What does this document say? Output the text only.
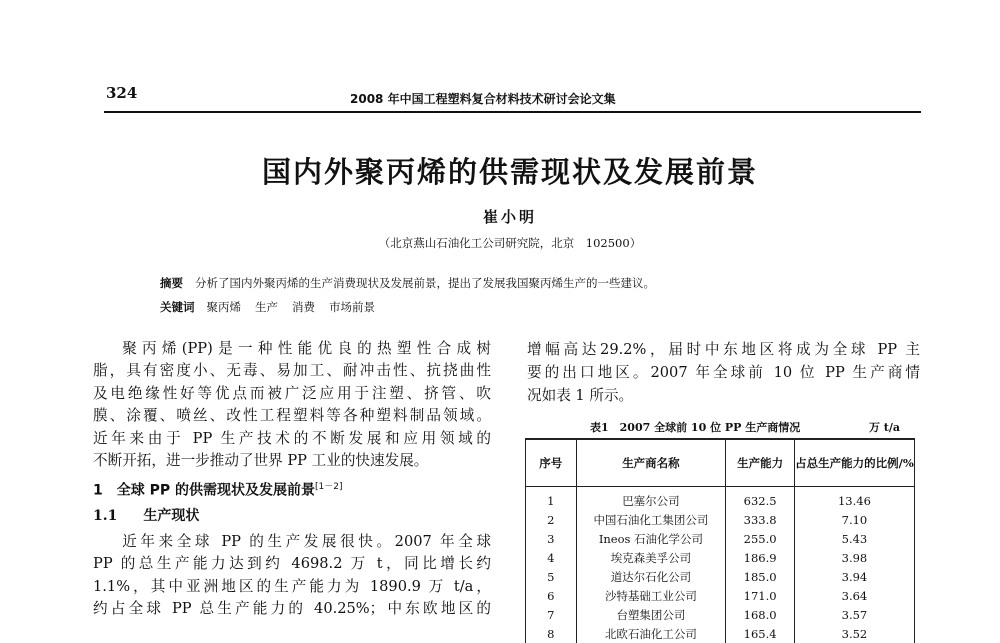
324	2008 年中国工程塑料复合材料技术研讨会论文集
国内外聚丙烯的供需现状及发展前景
崔小明
（北京燕山石油化工公司研究院，北京　102500）
摘要 分析了国内外聚丙烯的生产消费现状及发展前景，提出了发展我国聚丙烯生产的一些建议。
关键词 聚丙烯 生产 消费 市场前景

聚丙烯(PP)是一种性能优良的热塑性合成树

脂，具有密度小、无毒、易加工、耐冲击性、抗挠曲性

及电绝缘性好等优点而被广泛应用于注塑、挤管、吹

膜、涂覆、喷丝、改性工程塑料等各种塑料制品领域。

近年来由于 PP 生产技术的不断发展和应用领域的

不断开拓，进一步推动了世界 PP 工业的快速发展。

1　全球 PP 的供需现状及发展前景[1－2]
1.1 生产现状

近年来全球 PP 的生产发展很快。2007 年全球

PP 的总生产能力达到约 4698.2 万 t，同比增长约

1.1%，其中亚洲地区的生产能力为 1890.9 万 t/a，

约占全球 PP 总生产能力的 40.25%；中东欧地区的

增幅高达29.2%，届时中东地区将成为全球 PP 主

要的出口地区。2007 年全球前 10 位 PP 生产商情

况如表 1 所示。

表1　2007 全球前 10 位 PP 生产商情况	万 t/a
序号	生产商名称	生产能力	占总生产能力的比例/%
1	巴塞尔公司	632.5	13.46
2	中国石油化工集团公司	333.8	7.10
3	Ineos 石油化学公司	255.0	5.43
4	埃克森美孚公司	186.9	3.98
5	道达尔石化公司	185.0	3.94
6	沙特基础工业公司	171.0	3.64
7	台塑集团公司	168.0	3.57
8	北欧石油化工公司	165.4	3.52
